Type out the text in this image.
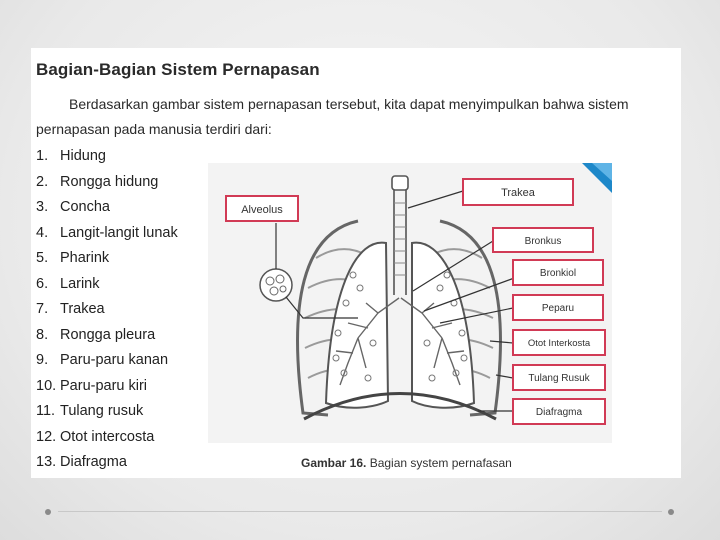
Bagian-Bagian Sistem Pernapasan

Berdasarkan gambar sistem pernapasan tersebut, kita dapat menyimpulkan bahwa sistem pernapasan pada manusia terdiri dari:

1. Hidung
2. Rongga hidung
3. Concha
4. Langit-langit lunak
5. Pharink
6. Larink
7. Trakea
8. Rongga pleura
9. Paru-paru kanan
10. Paru-paru kiri
11. Tulang rusuk
12. Otot intercosta
13. Diafragma
Alveolus
Trakea
Bronkus
Bronkiol
Peparu
Otot Interkosta
Tulang Rusuk
Diafragma
Gambar 16. Bagian system pernafasan
